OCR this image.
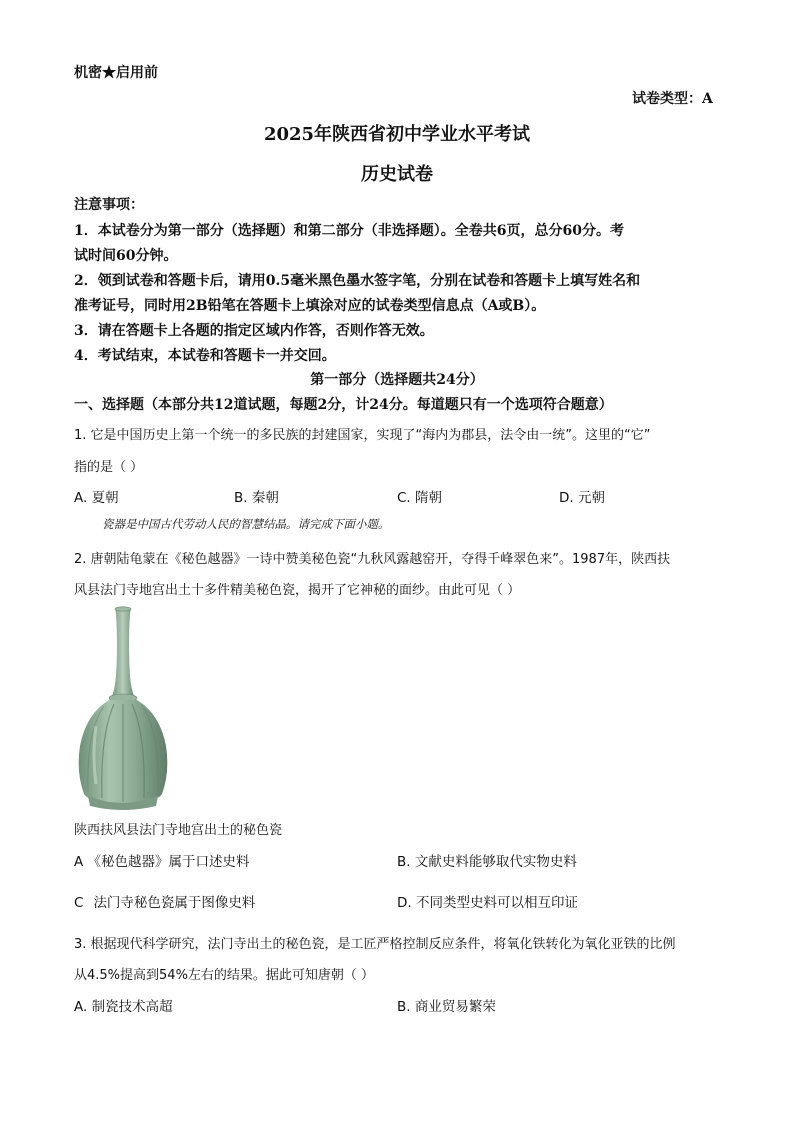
机密★启用前
试卷类型：A
2025年陕西省初中学业水平考试
历史试卷
注意事项：
1．本试卷分为第一部分（选择题）和第二部分（非选择题）。全卷共6页，总分60分。考
试时间60分钟。
2．领到试卷和答题卡后，请用0.5毫米黑色墨水签字笔，分别在试卷和答题卡上填写姓名和
准考证号，同时用2B铅笔在答题卡上填涂对应的试卷类型信息点（A或B）。
3．请在答题卡上各题的指定区域内作答，否则作答无效。
4．考试结束，本试卷和答题卡一并交回。
第一部分（选择题共24分）
一、选择题（本部分共12道试题，每题2分，计24分。每道题只有一个选项符合题意）
1. 它是中国历史上第一个统一的多民族的封建国家，实现了“海内为郡县，法令由一统”。这里的“它”
指的是（ ）
A. 夏朝	B. 秦朝	C. 隋朝	D. 元朝
瓷器是中国古代劳动人民的智慧结晶。请完成下面小题。
2. 唐朝陆龟蒙在《秘色越器》一诗中赞美秘色瓷“九秋风露越窑开，夺得千峰翠色来”。1987年，陕西扶
风县法门寺地宫出土十多件精美秘色瓷，揭开了它神秘的面纱。由此可见（ ）
陕西扶风县法门寺地宫出土的秘色瓷
A 《秘色越器》属于口述史料	B. 文献史料能够取代实物史料
C 法门寺秘色瓷属于图像史料	D. 不同类型史料可以相互印证
3. 根据现代科学研究，法门寺出土的秘色瓷，是工匠严格控制反应条件，将氧化铁转化为氧化亚铁的比例
从4.5%提高到54%左右的结果。据此可知唐朝（ ）
A. 制瓷技术高超	B. 商业贸易繁荣
